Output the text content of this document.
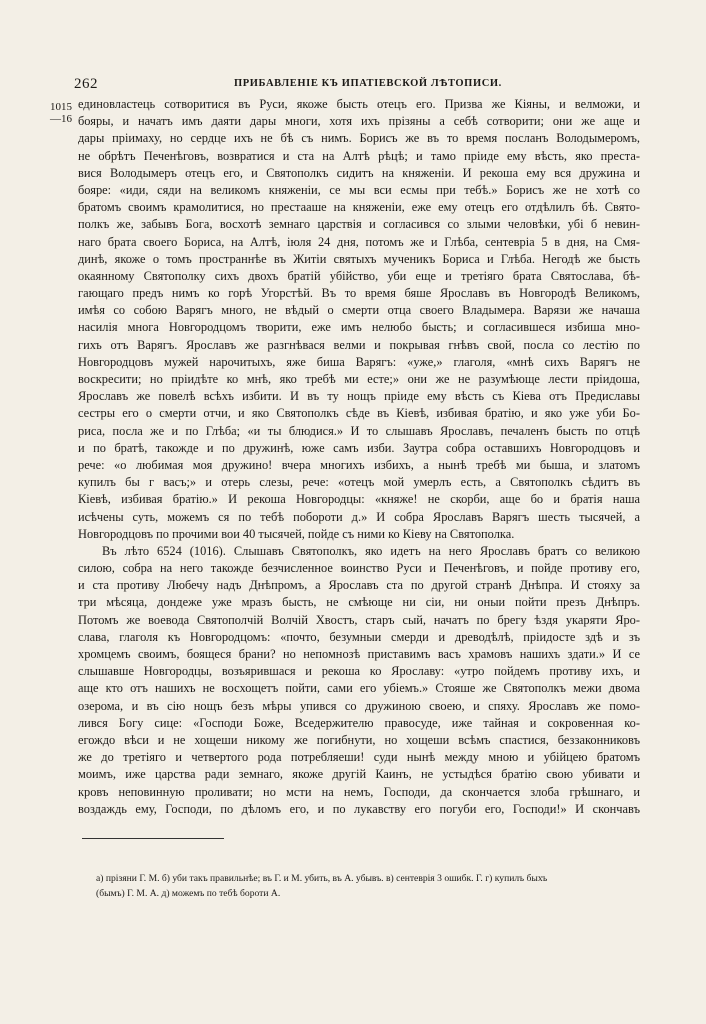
262	ПРИБАВЛЕНІЕ КЪ ИПАТІЕВСКОЙ ЛѢТОПИСИ.
1015
—16
единовластець сотворитися въ Руси, якоже бысть отецъ его. Призва же Кіяны, и велможи, и
бояры, и начатъ имъ даяти дары многи, хотя ихъ прізяны а себѣ сотворити; они же аще и
дары пріимаху, но сердце ихъ не бѣ съ нимъ. Борисъ же въ то время посланъ Володымеромъ,
не обрѣтъ Печенѣговъ, возвратися и ста на Алтѣ рѣцѣ; и тамо пріиде ему вѣсть, яко преста-
вися Володымеръ отецъ его, и Святополкъ сидитъ на княженіи. И рекоша ему вся дружина и
бояре: «иди, сяди на великомъ княженіи, се мы вси есмы при тебѣ.» Борисъ же не хотѣ со
братомъ своимъ крамолитися, но престааше на княженіи, еже ему отецъ его отдѣлилъ бѣ. Свято-
полкъ же, забывъ Бога, восхотѣ земнаго царствія и согласився со злыми человѣки, убі б невин-
наго брата своего Бориса, на Алтѣ, іюля 24 дня, потомъ же и Глѣба, сентевріа 5 в дня, на Смя-
динѣ, якоже о томъ пространнѣе въ Житіи святыхъ мученикъ Бориса и Глѣба. Негодѣ же бысть
окаянному Святополку сихъ двохъ братій убійство, уби еще и третіяго брата Святослава, бѣ-
гающаго предъ нимъ ко горѣ Угорстѣй. Въ то время бяше Ярославъ въ Новгородѣ Великомъ,
имѣя со собою Варягъ много, не вѣдый о смерти отца своего Владымера. Варязи же начаша
насилія многа Новгородцомъ творити, еже имъ нелюбо бысть; и согласившеся избиша мно-
гихъ отъ Варягъ. Ярославъ же разгнѣвася велми и покрывая гнѣвъ свой, посла со лестію по
Новгородцовъ мужей нарочитыхъ, яже биша Варягъ: «уже,» глаголя, «мнѣ сихъ Варягъ не
воскресити; но пріидѣте ко мнѣ, яко требѣ ми есте;» они же не разумѣюще лести пріидоша,
Ярославъ же повелѣ всѣхъ избити. И въ ту нощъ пріиде ему вѣсть съ Кіева отъ Предиславы
сестры его о смерти отчи, и яко Святополкъ сѣде въ Кіевѣ, избивая братію, и яко уже уби Бо-
риса, посла же и по Глѣба; «и ты блюдися.» И то слышавъ Ярославъ, печаленъ бысть по отцѣ
и по братѣ, такожде и по дружинѣ, юже самъ изби. Заутра собра оставшихъ Новгородцовъ и
рече: «о любимая моя дружино! вчера многихъ избихъ, а нынѣ требѣ ми быша, и златомъ
купилъ бы г васъ;» и отерь слезы, рече: «отецъ мой умерлъ есть, а Святополкъ сѣдитъ въ
Кіевѣ, избивая братію.» И рекоша Новгородцы: «княже! не скорби, аще бо и братія наша
исѣчены суть, можемъ ся по тебѣ побороти д.» И собра Ярославъ Варягъ шесть тысячей, а
Новгородцовъ по прочими вои 40 тысячей, пойде съ ними ко Кіеву на Святополка.
Въ лѣто 6524 (1016). Слышавъ Святополкъ, яко идетъ на него Ярославъ братъ со великою
силою, собра на него такожде безчисленное воинство Руси и Печенѣговъ, и пойде противу его,
и ста противу Любечу надъ Днѣпромъ, а Ярославъ ста по другой странѣ Днѣпра. И стояху за
три мѣсяца, дондеже уже мразъ бысть, не смѣюще ни сіи, ни оныи пойти презъ Днѣпръ.
Потомъ же воевода Святополчій Волчій Хвостъ, старъ сый, начатъ по брегу ѣздя укаряти Яро-
слава, глаголя къ Новгородцомъ: «почто, безумныи смерди и древодѣлѣ, пріидосте здѣ и зъ
хромцемъ своимъ, боящеся брани? но непомнозѣ приставимъ васъ храмовъ нашихъ здати.» И се
слышавше Новгородцы, возъярившася и рекоша ко Ярославу: «утро пойдемъ противу ихъ, и
аще кто отъ нашихъ не восхощетъ пойти, сами его убіемъ.» Стояше же Святополкъ межи двома
озерома, и въ сію нощъ безъ мѣры упився со дружиною своею, и спяху. Ярославъ же помо-
лився Богу сице: «Господи Боже, Вседержителю правосуде, иже тайная и сокровенная ко-
егождо вѣси и не хощеши никому же погибнути, но хощеши всѣмъ спастися, беззаконниковъ
же до третіяго и четвертого рода потребляеши! суди нынѣ между мною и убійцею братомъ
моимъ, иже царства ради земнаго, якоже другій Каинъ, не устыдѣся братію свою убивати и
кровъ неповинную проливати; но мсти на немъ, Господи, да скончается злоба грѣшнаго, и
воздаждь ему, Господи, по дѣломъ его, и по лукавству его погуби его, Господи!» И скончавъ
а) прізяни Г. М. б) уби такъ правильнѣе; въ Г. и М. убить, въ А. убывъ. в) сентеврія 3 ошибк. Г. г) купилъ быхъ
(бымъ) Г. М. А. д) можемъ по тебѣ бороти А.
